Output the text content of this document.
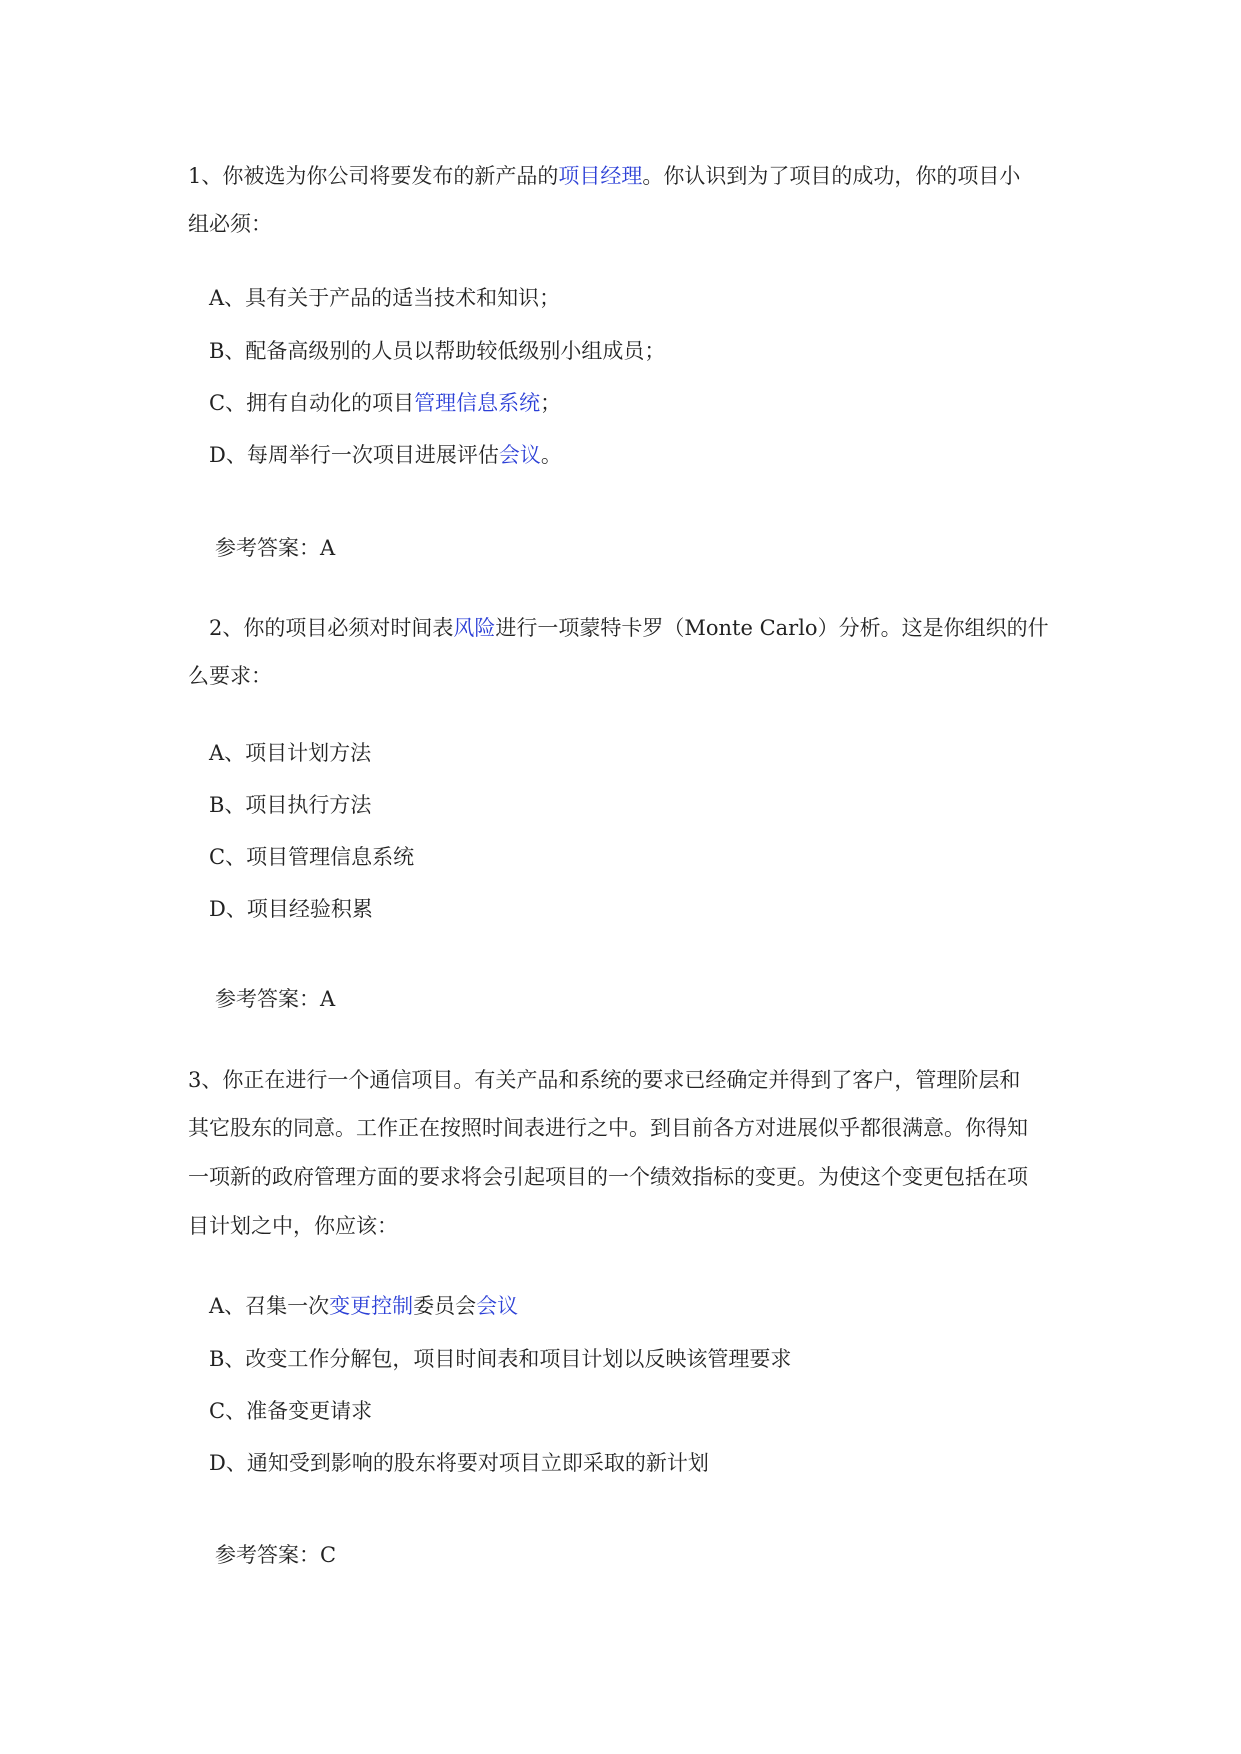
1、你被选为你公司将要发布的新产品的项目经理。你认识到为了项目的成功，你的项目小
组必须：
A、具有关于产品的适当技术和知识；
B、配备高级别的人员以帮助较低级别小组成员；
C、拥有自动化的项目管理信息系统；
D、每周举行一次项目进展评估会议。
参考答案：A
2、你的项目必须对时间表风险进行一项蒙特卡罗（Monte Carlo）分析。这是你组织的什
么要求：
A、项目计划方法
B、项目执行方法
C、项目管理信息系统
D、项目经验积累
参考答案：A
3、你正在进行一个通信项目。有关产品和系统的要求已经确定并得到了客户，管理阶层和
其它股东的同意。工作正在按照时间表进行之中。到目前各方对进展似乎都很满意。你得知
一项新的政府管理方面的要求将会引起项目的一个绩效指标的变更。为使这个变更包括在项
目计划之中，你应该：
A、召集一次变更控制委员会会议
B、改变工作分解包，项目时间表和项目计划以反映该管理要求
C、准备变更请求
D、通知受到影响的股东将要对项目立即采取的新计划
参考答案：C
